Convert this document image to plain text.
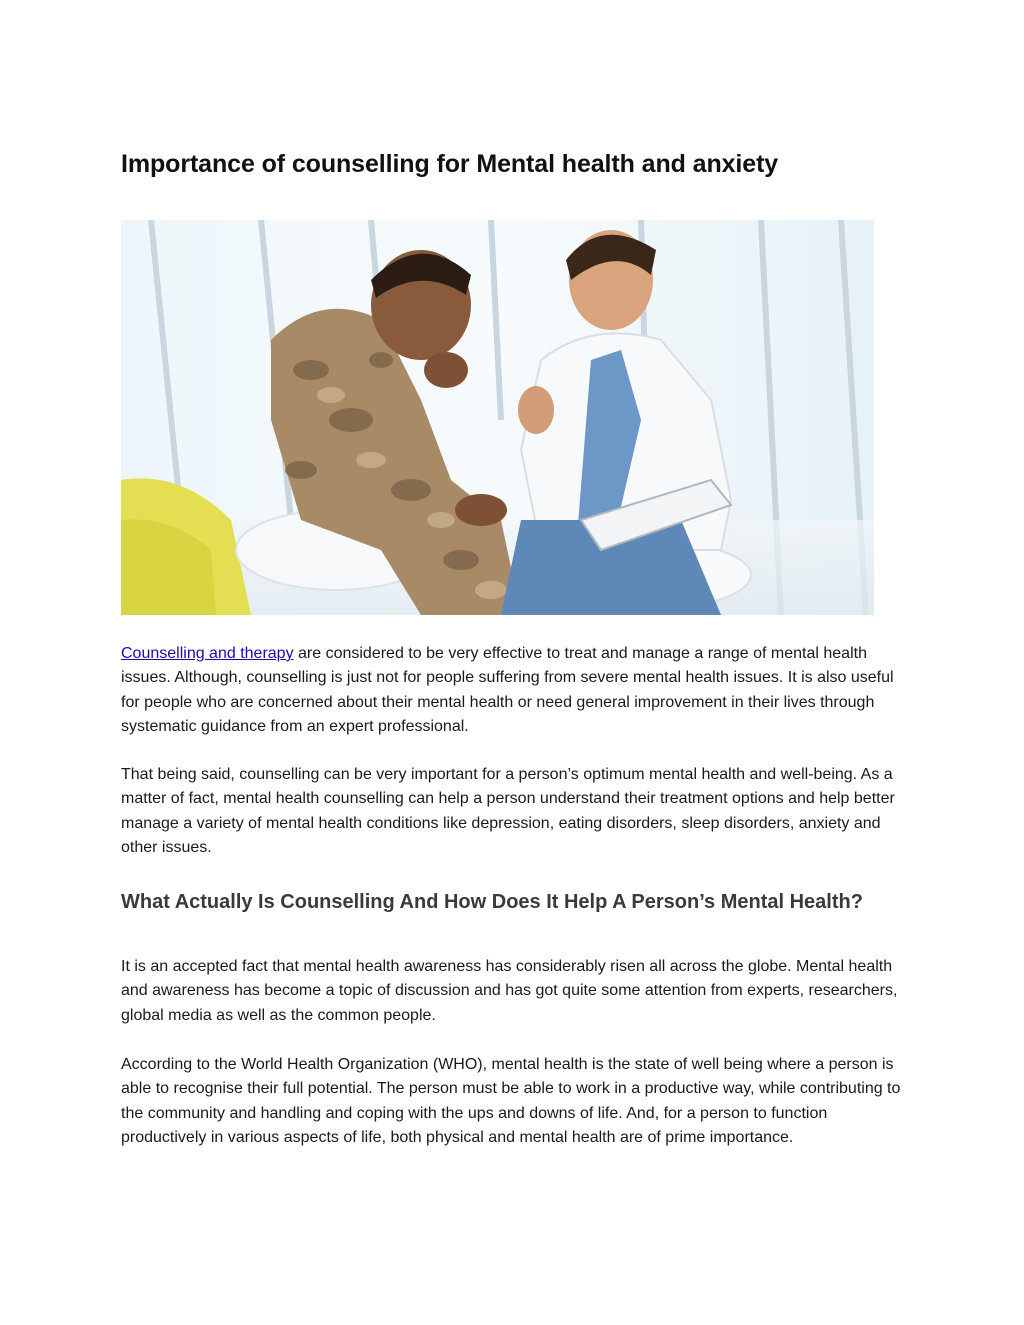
Importance of counselling for Mental health and anxiety

Counselling and therapy are considered to be very effective to treat and manage a range of mental health issues. Although, counselling is just not for people suffering from severe mental health issues. It is also useful for people who are concerned about their mental health or need general improvement in their lives through systematic guidance from an expert professional.

That being said, counselling can be very important for a person’s optimum mental health and well-being. As a matter of fact, mental health counselling can help a person understand their treatment options and help better manage a variety of mental health conditions like depression, eating disorders, sleep disorders, anxiety and other issues.

What Actually Is Counselling And How Does It Help A Person’s Mental Health?

It is an accepted fact that mental health awareness has considerably risen all across the globe. Mental health and awareness has become a topic of discussion and has got quite some attention from experts, researchers, global media as well as the common people.

According to the World Health Organization (WHO), mental health is the state of well being where a person is able to recognise their full potential. The person must be able to work in a productive way, while contributing to the community and handling and coping with the ups and downs of life. And, for a person to function productively in various aspects of life, both physical and mental health are of prime importance.
